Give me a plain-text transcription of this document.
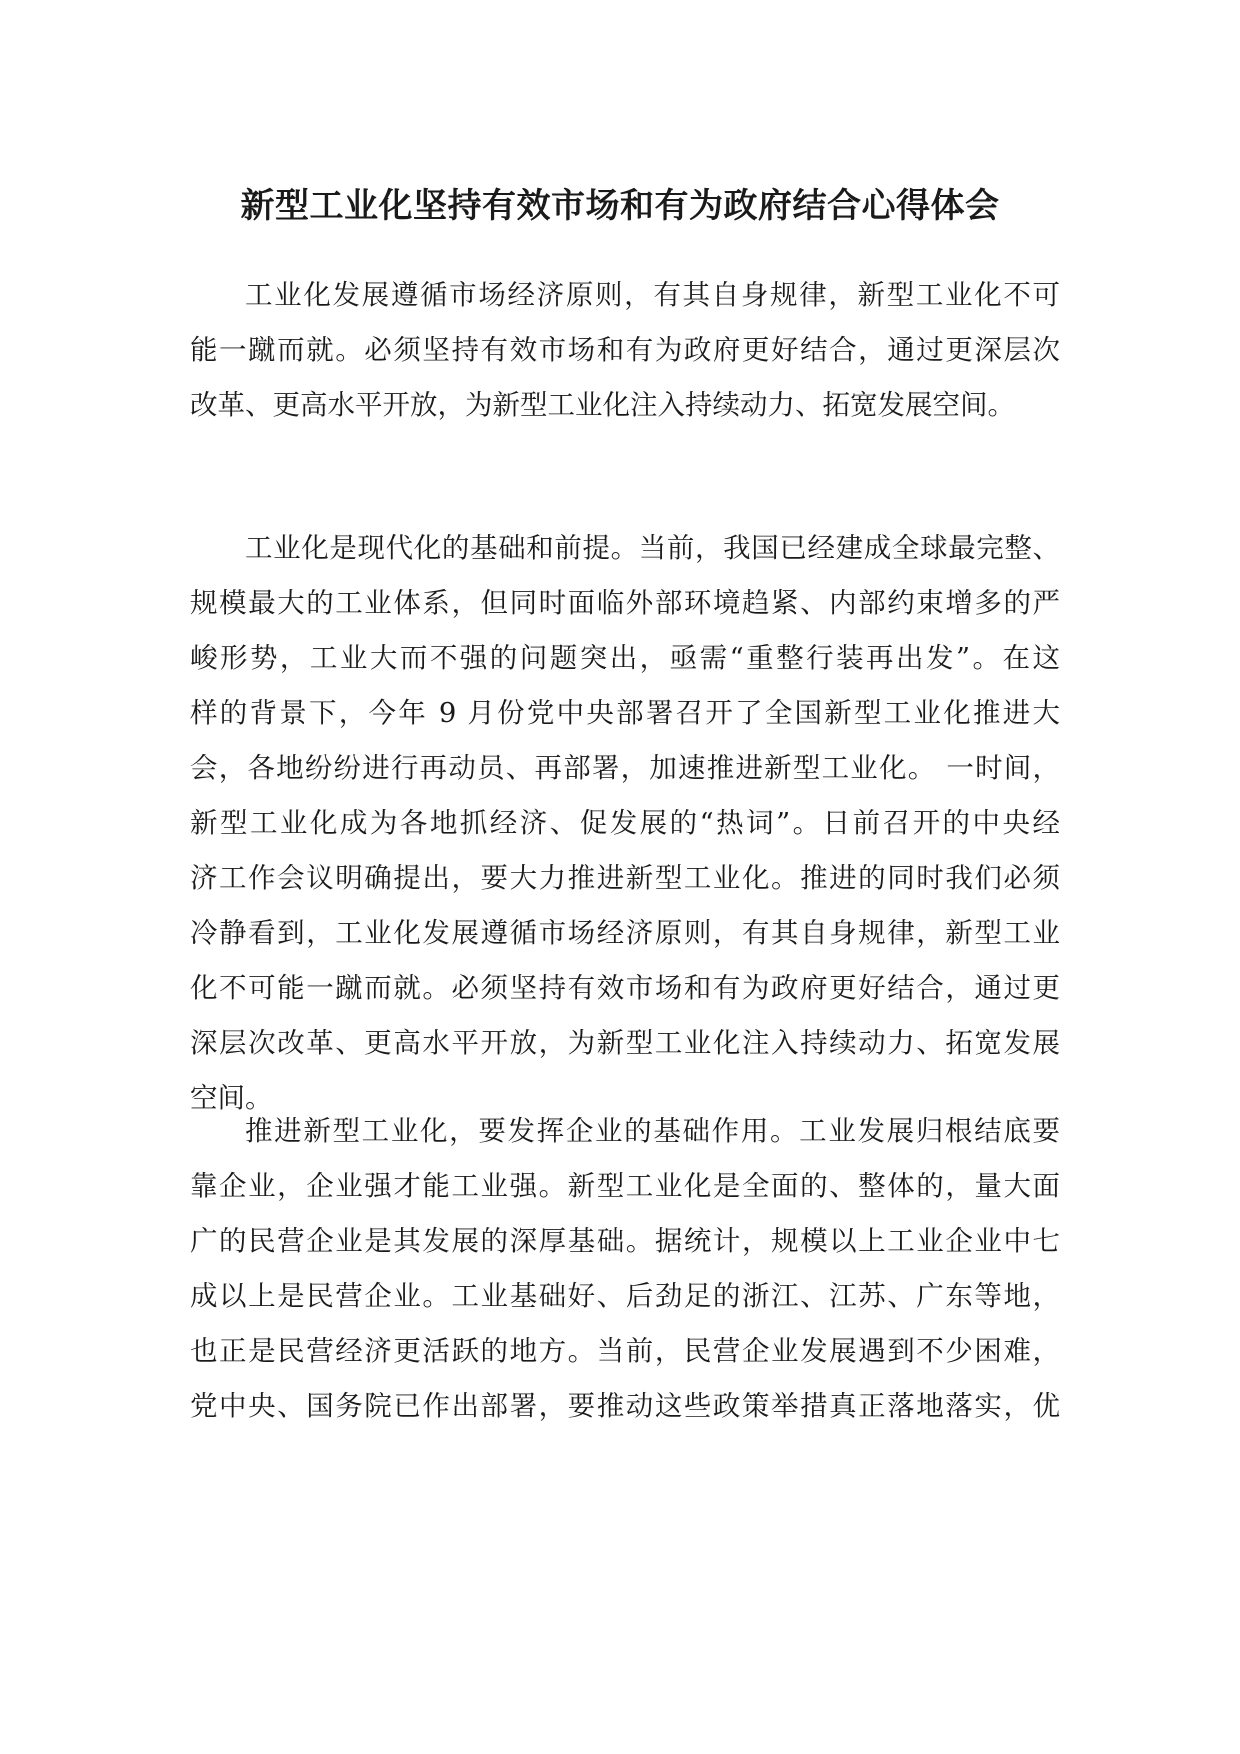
新型工业化坚持有效市场和有为政府结合心得体会
工业化发展遵循市场经济原则，有其自身规律，新型工业化不可
能一蹴而就。必须坚持有效市场和有为政府更好结合，通过更深层次
改革、更高水平开放，为新型工业化注入持续动力、拓宽发展空间。
工业化是现代化的基础和前提。当前，我国已经建成全球最完整、
规模最大的工业体系，但同时面临外部环境趋紧、内部约束增多的严
峻形势，工业大而不强的问题突出，亟需“重整行装再出发”。在这
样的背景下，今年 9 月份党中央部署召开了全国新型工业化推进大
会，各地纷纷进行再动员、再部署，加速推进新型工业化。 一时间，
新型工业化成为各地抓经济、促发展的“热词”。日前召开的中央经
济工作会议明确提出，要大力推进新型工业化。推进的同时我们必须
冷静看到，工业化发展遵循市场经济原则，有其自身规律，新型工业
化不可能一蹴而就。必须坚持有效市场和有为政府更好结合，通过更
深层次改革、更高水平开放，为新型工业化注入持续动力、拓宽发展
空间。
推进新型工业化，要发挥企业的基础作用。工业发展归根结底要
靠企业，企业强才能工业强。新型工业化是全面的、整体的，量大面
广的民营企业是其发展的深厚基础。据统计，规模以上工业企业中七
成以上是民营企业。工业基础好、后劲足的浙江、江苏、广东等地，
也正是民营经济更活跃的地方。当前，民营企业发展遇到不少困难，
党中央、国务院已作出部署，要推动这些政策举措真正落地落实，优
